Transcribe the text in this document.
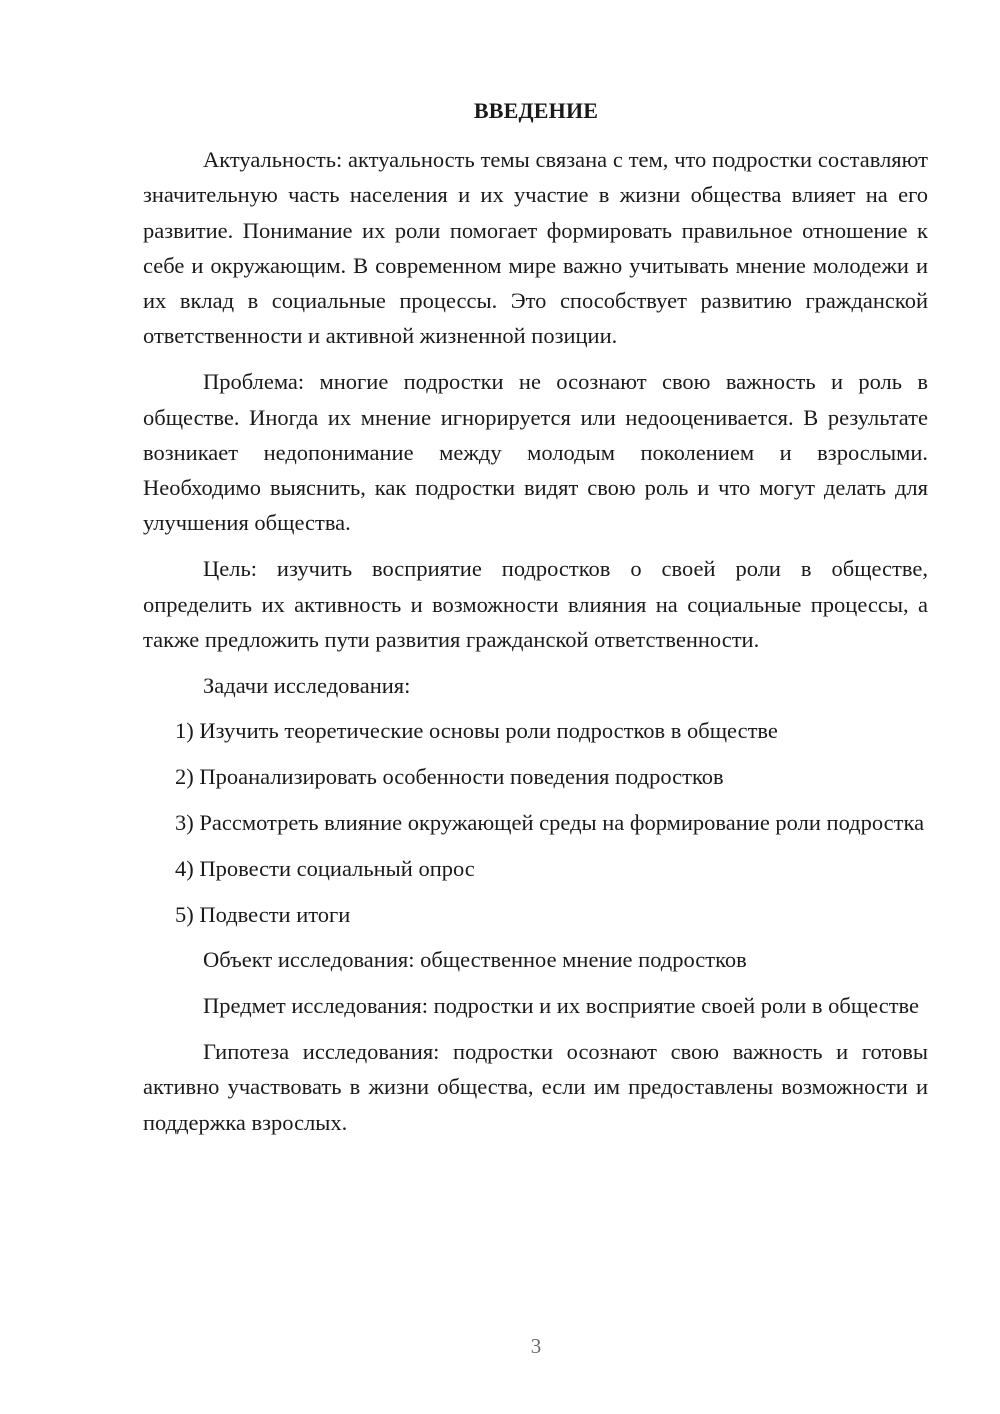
ВВЕДЕНИЕ

Актуальность: актуальность темы связана с тем, что подростки составляют значительную часть населения и их участие в жизни общества влияет на его развитие. Понимание их роли помогает формировать правильное отношение к себе и окружающим. В современном мире важно учитывать мнение молодежи и их вклад в социальные процессы. Это способствует развитию гражданской ответственности и активной жизненной позиции.

Проблема: многие подростки не осознают свою важность и роль в обществе. Иногда их мнение игнорируется или недооценивается. В результате возникает недопонимание между молодым поколением и взрослыми. Необходимо выяснить, как подростки видят свою роль и что могут делать для улучшения общества.

Цель: изучить восприятие подростков о своей роли в обществе, определить их активность и возможности влияния на социальные процессы, а также предложить пути развития гражданской ответственности.

Задачи исследования:

1) Изучить теоретические основы роли подростков в обществе

2) Проанализировать особенности поведения подростков

3) Рассмотреть влияние окружающей среды на формирование роли подростка

4) Провести социальный опрос

5) Подвести итоги

Объект исследования: общественное мнение подростков

Предмет исследования: подростки и их восприятие своей роли в обществе

Гипотеза исследования: подростки осознают свою важность и готовы активно участвовать в жизни общества, если им предоставлены возможности и поддержка взрослых.

3
